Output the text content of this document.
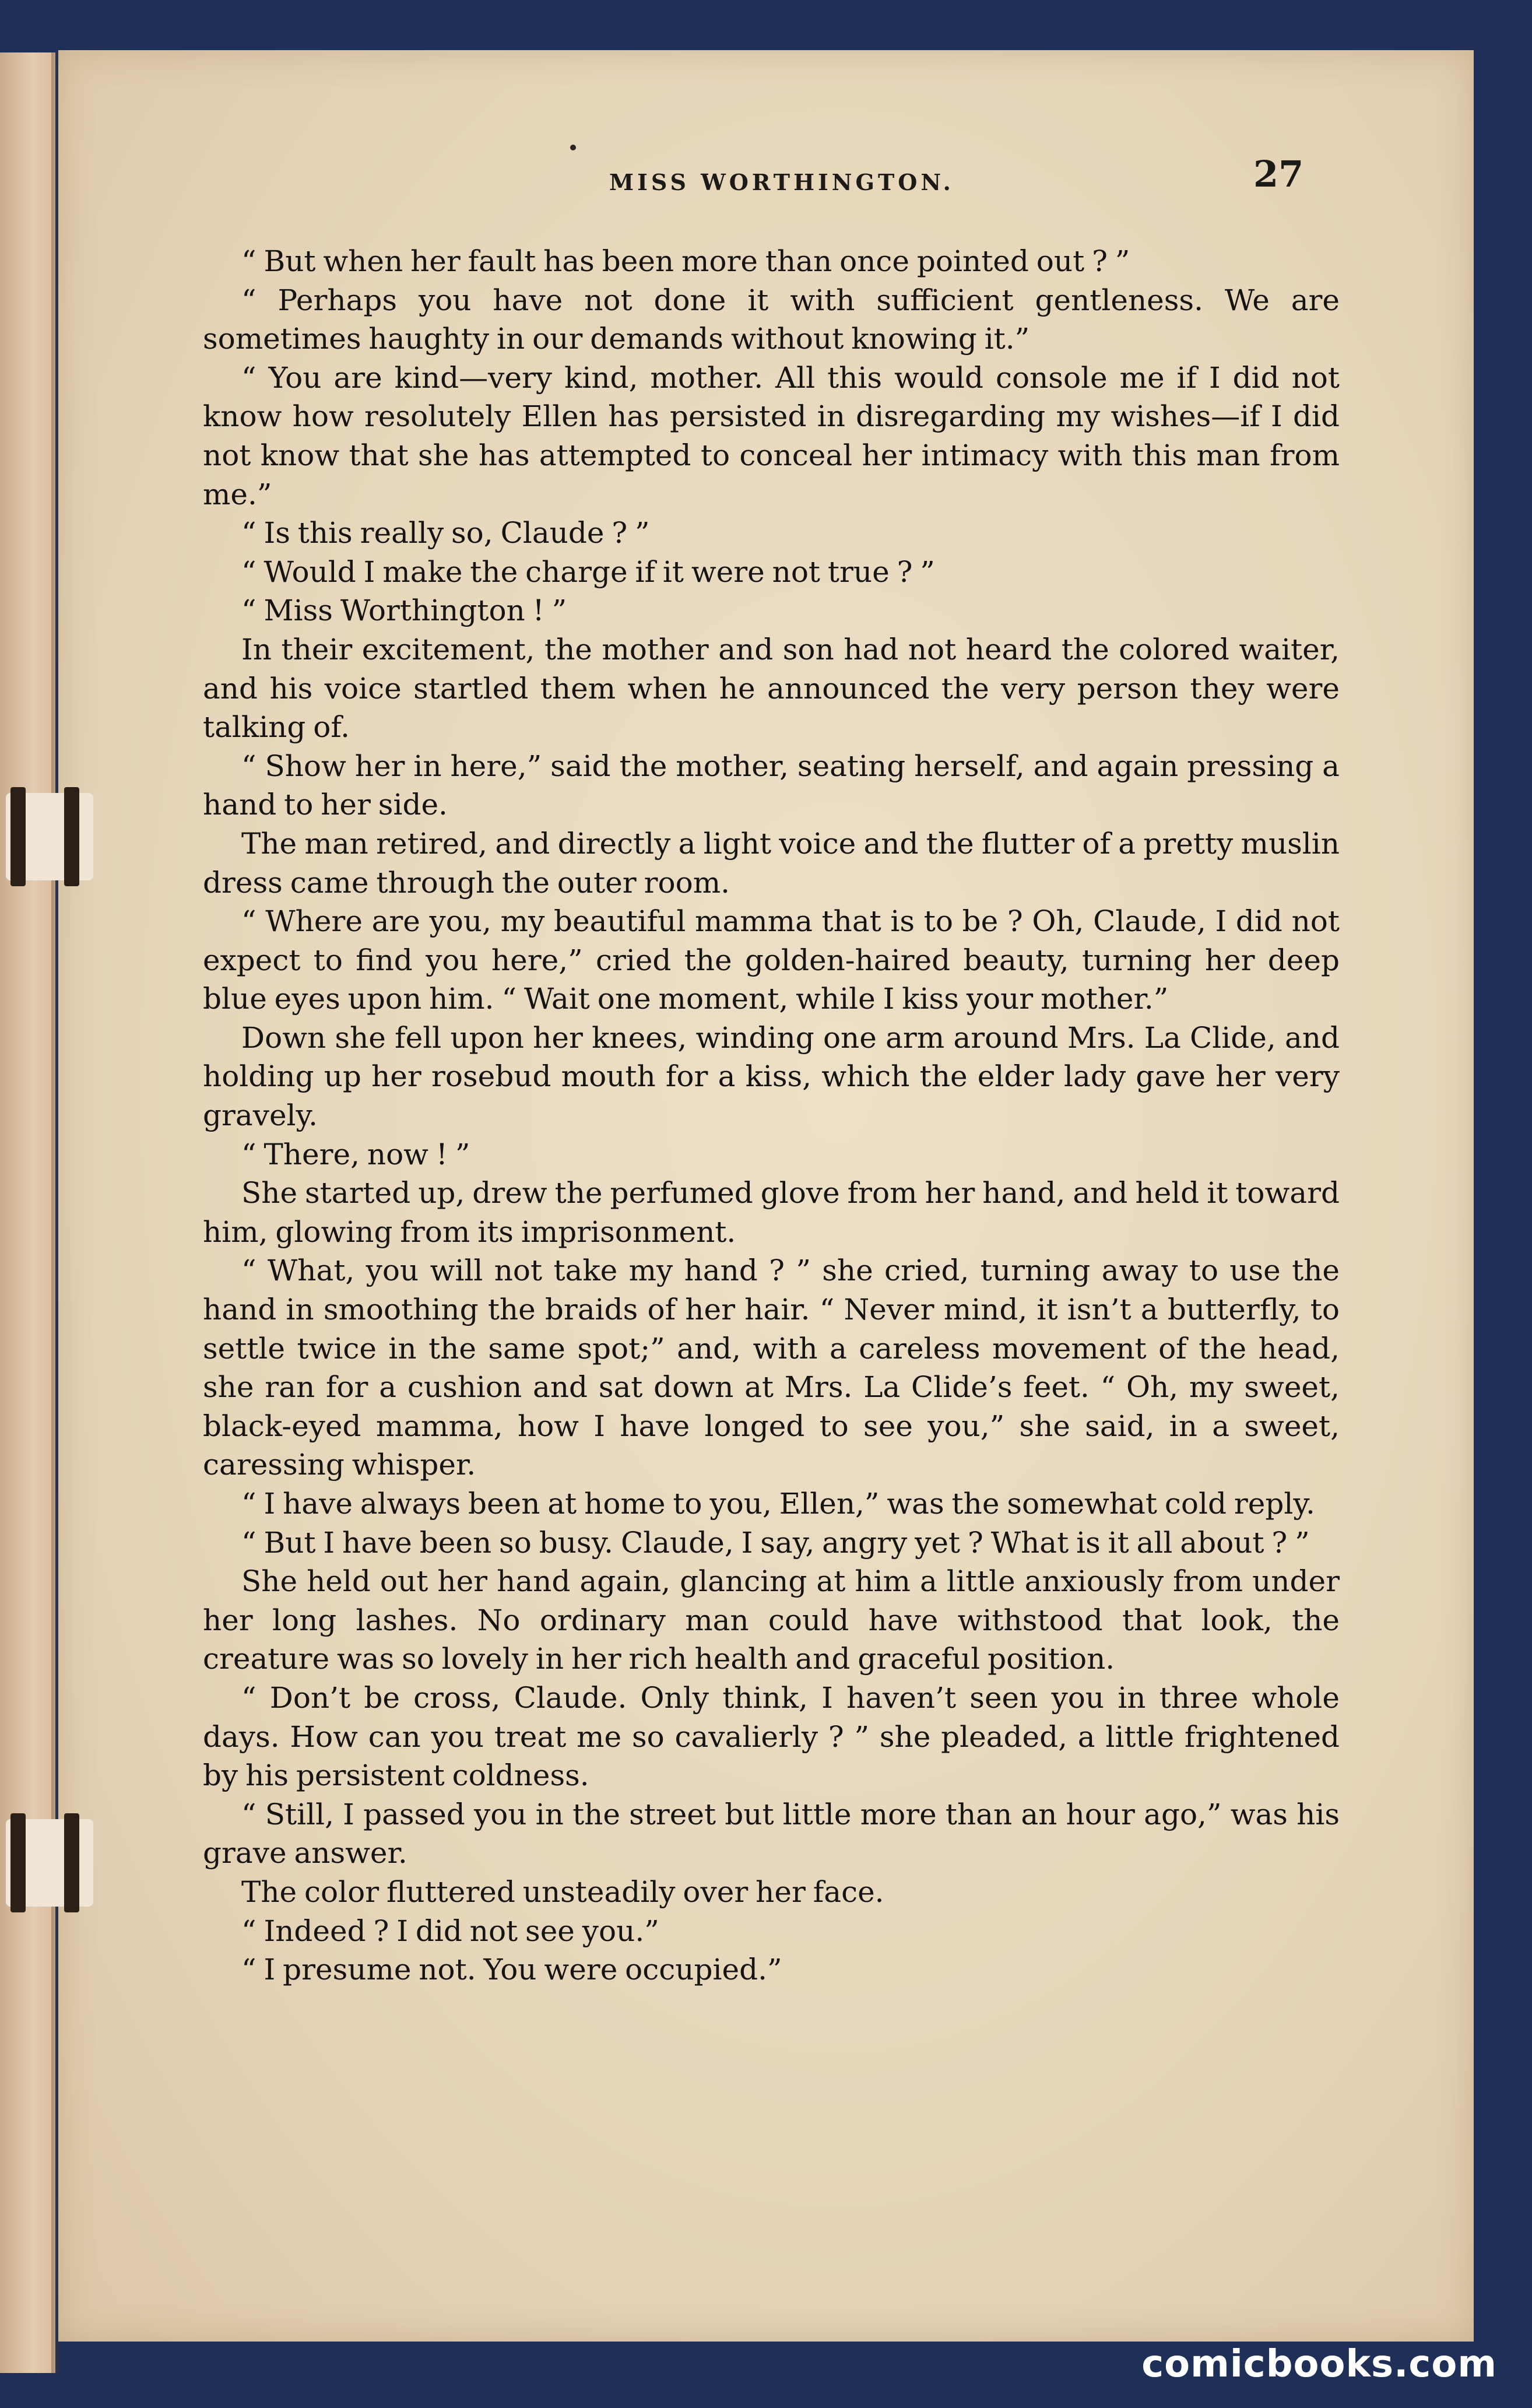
MISS WORTHINGTON.	27

“ But when her fault has been more than once pointed out ? ”

“ Perhaps you have not done it with sufficient gentleness. We are sometimes haughty in our demands without knowing it.”

“ You are kind—very kind, mother. All this would console me if I did not know how resolutely Ellen has persisted in disregarding my wishes—if I did not know that she has attempted to conceal her intimacy with this man from me.”

“ Is this really so, Claude ? ”

“ Would I make the charge if it were not true ? ”

“ Miss Worthington ! ”

In their excitement, the mother and son had not heard the colored waiter, and his voice startled them when he announced the very person they were talking of.

“ Show her in here,” said the mother, seating herself, and again pressing a hand to her side.

The man retired, and directly a light voice and the flutter of a pretty muslin dress came through the outer room.

“ Where are you, my beautiful mamma that is to be ? Oh, Claude, I did not expect to find you here,” cried the golden-haired beauty, turning her deep blue eyes upon him. “ Wait one moment, while I kiss your mother.”

Down she fell upon her knees, winding one arm around Mrs. La Clide, and holding up her rosebud mouth for a kiss, which the elder lady gave her very gravely.

“ There, now ! ”

She started up, drew the perfumed glove from her hand, and held it toward him, glowing from its imprisonment.

“ What, you will not take my hand ? ” she cried, turning away to use the hand in smoothing the braids of her hair. “ Never mind, it isn’t a butterfly, to settle twice in the same spot;” and, with a careless movement of the head, she ran for a cushion and sat down at Mrs. La Clide’s feet. “ Oh, my sweet, black-eyed mamma, how I have longed to see you,” she said, in a sweet, caressing whisper.

“ I have always been at home to you, Ellen,” was the somewhat cold reply.

“ But I have been so busy. Claude, I say, angry yet ? What is it all about ? ”

She held out her hand again, glancing at him a little anxiously from under her long lashes. No ordinary man could have withstood that look, the creature was so lovely in her rich health and graceful position.

“ Don’t be cross, Claude. Only think, I haven’t seen you in three whole days. How can you treat me so cavalierly ? ” she pleaded, a little frightened by his persistent coldness.

“ Still, I passed you in the street but little more than an hour ago,” was his grave answer.

The color fluttered unsteadily over her face.

“ Indeed ? I did not see you.”

“ I presume not. You were occupied.”

comicbooks.com
